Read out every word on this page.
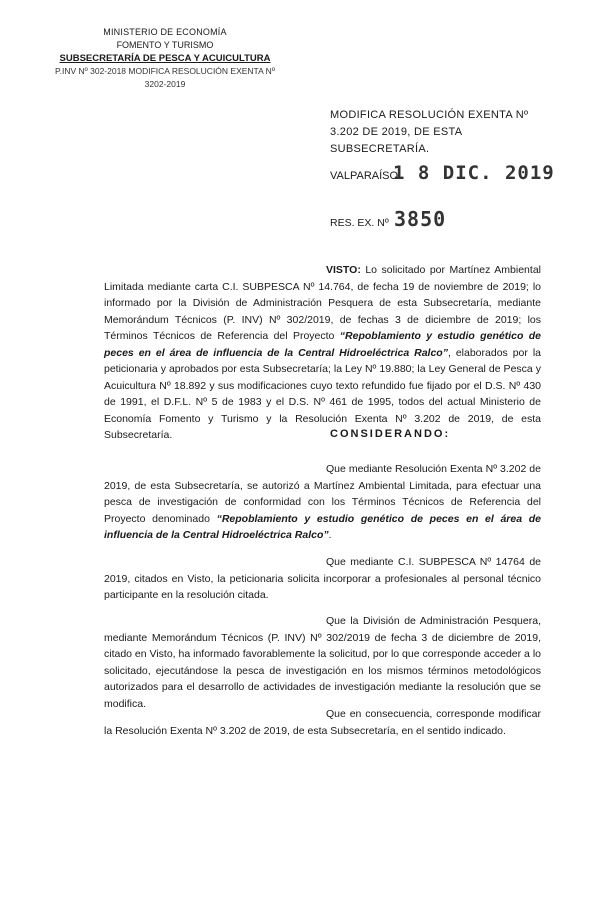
MINISTERIO DE ECONOMÍA
FOMENTO Y TURISMO
SUBSECRETARÍA DE PESCA Y ACUICULTURA
P.INV Nº 302-2018 MODIFICA RESOLUCIÓN EXENTA Nº
3202-2019
MODIFICA RESOLUCIÓN EXENTA Nº 3.202 DE 2019, DE ESTA SUBSECRETARÍA.
VALPARAÍSO
1 8 DIC. 2019
RES. EX. Nº 3850
VISTO: Lo solicitado por Martínez Ambiental Limitada mediante carta C.I. SUBPESCA Nº 14.764, de fecha 19 de noviembre de 2019; lo informado por la División de Administración Pesquera de esta Subsecretaría, mediante Memorándum Técnicos (P. INV) Nº 302/2019, de fechas 3 de diciembre de 2019; los Términos Técnicos de Referencia del Proyecto “Repoblamiento y estudio genético de peces en el área de influencia de la Central Hidroeléctrica Ralco”, elaborados por la peticionaria y aprobados por esta Subsecretaría; la Ley Nº 19.880; la Ley General de Pesca y Acuicultura Nº 18.892 y sus modificaciones cuyo texto refundido fue fijado por el D.S. Nº 430 de 1991, el D.F.L. Nº 5 de 1983 y el D.S. Nº 461 de 1995, todos del actual Ministerio de Economía Fomento y Turismo y la Resolución Exenta Nº 3.202 de 2019, de esta Subsecretaría.	CONSIDERANDO:
Que mediante Resolución Exenta Nº 3.202 de 2019, de esta Subsecretaría, se autorizó a Martínez Ambiental Limitada, para efectuar una pesca de investigación de conformidad con los Términos Técnicos de Referencia del Proyecto denominado “Repoblamiento y estudio genético de peces en el área de influencia de la Central Hidroeléctrica Ralco”.
Que mediante C.I. SUBPESCA Nº 14764 de 2019, citados en Visto, la peticionaria solicita incorporar a profesionales al personal técnico participante en la resolución citada.
Que la División de Administración Pesquera, mediante Memorándum Técnicos (P. INV) Nº 302/2019 de fecha 3 de diciembre de 2019, citado en Visto, ha informado favorablemente la solicitud, por lo que corresponde acceder a lo solicitado, ejecutándose la pesca de investigación en los mismos términos metodológicos autorizados para el desarrollo de actividades de investigación mediante la resolución que se modifica.
Que en consecuencia, corresponde modificar la Resolución Exenta Nº 3.202 de 2019, de esta Subsecretaría, en el sentido indicado.
